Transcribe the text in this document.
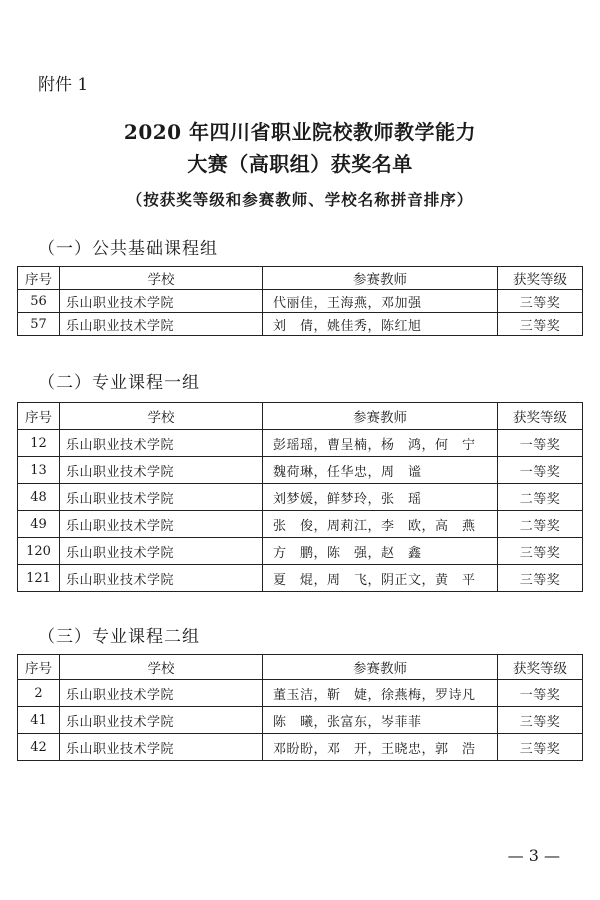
附件 1
2020 年四川省职业院校教师教学能力
大赛（高职组）获奖名单
（按获奖等级和参赛教师、学校名称拼音排序）
（一）公共基础课程组
序号	学校	参赛教师	获奖等级
56	乐山职业技术学院	代丽佳，王海燕，邓加强	三等奖
57	乐山职业技术学院	刘　倩，姚佳秀，陈红旭	三等奖
（二）专业课程一组
序号	学校	参赛教师	获奖等级
12	乐山职业技术学院	彭瑶瑶，曹呈楠，杨　鸿，何　宁	一等奖
13	乐山职业技术学院	魏荷琳，任华忠，周　谧	一等奖
48	乐山职业技术学院	刘梦媛，鲜梦玲，张　瑶	二等奖
49	乐山职业技术学院	张　俊，周莉江，李　欧，高　燕	二等奖
120	乐山职业技术学院	方　鹏，陈　强，赵　鑫	三等奖
121	乐山职业技术学院	夏　焜，周　飞，阴正文，黄　平	三等奖
（三）专业课程二组
序号	学校	参赛教师	获奖等级
2	乐山职业技术学院	董玉洁，靳　婕，徐燕梅，罗诗凡	一等奖
41	乐山职业技术学院	陈　曦，张富东，岑菲菲	三等奖
42	乐山职业技术学院	邓盼盼，邓　开，王晓忠，郭　浩	三等奖
— 3 —
